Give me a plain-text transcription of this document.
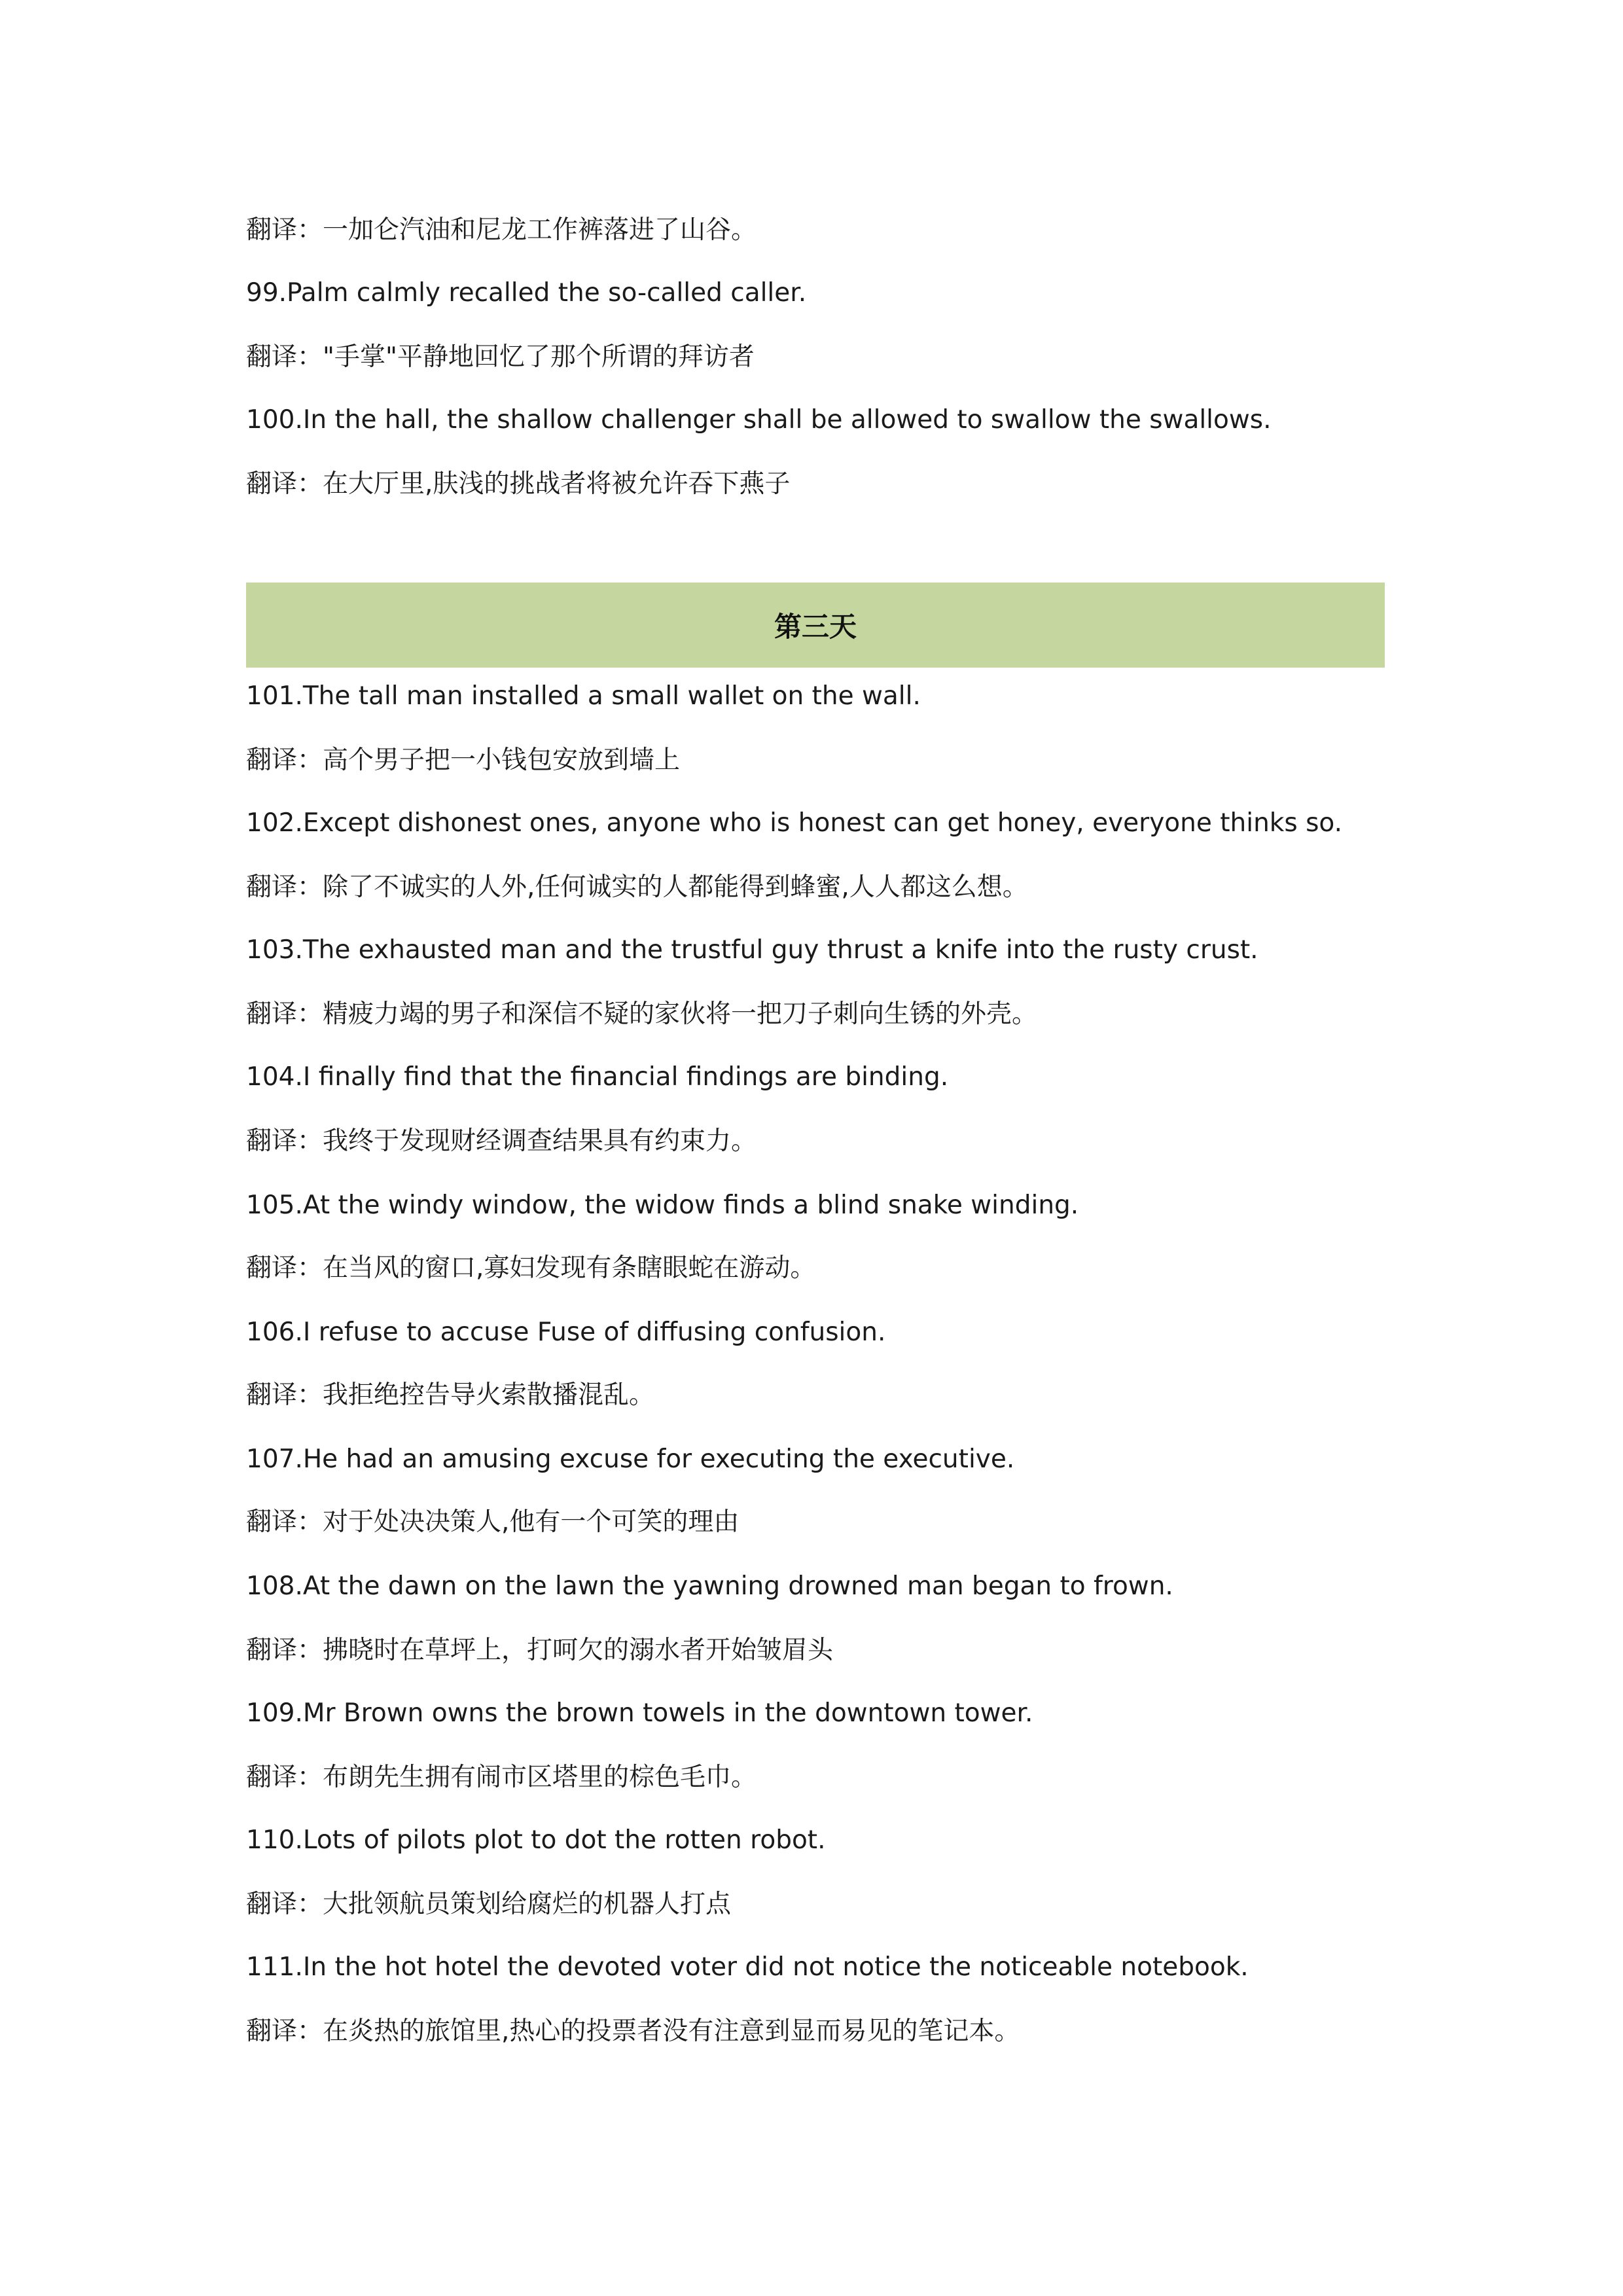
翻译：一加仑汽油和尼龙工作裤落进了山谷。
99.Palm calmly recalled the so-called caller.
翻译："手掌"平静地回忆了那个所谓的拜访者
100.In the hall, the shallow challenger shall be allowed to swallow the swallows.
翻译：在大厅里,肤浅的挑战者将被允许吞下燕子
第三天
101.The tall man installed a small wallet on the wall.
翻译：高个男子把一小钱包安放到墙上
102.Except dishonest ones, anyone who is honest can get honey, everyone thinks so.
翻译：除了不诚实的人外,任何诚实的人都能得到蜂蜜,人人都这么想。
103.The exhausted man and the trustful guy thrust a knife into the rusty crust.
翻译：精疲力竭的男子和深信不疑的家伙将一把刀子刺向生锈的外壳。
104.I finally find that the financial findings are binding.
翻译：我终于发现财经调查结果具有约束力。
105.At the windy window, the widow finds a blind snake winding.
翻译：在当风的窗口,寡妇发现有条瞎眼蛇在游动。
106.I refuse to accuse Fuse of diffusing confusion.
翻译：我拒绝控告导火索散播混乱。
107.He had an amusing excuse for executing the executive.
翻译：对于处决决策人,他有一个可笑的理由
108.At the dawn on the lawn the yawning drowned man began to frown.
翻译：拂晓时在草坪上，打呵欠的溺水者开始皱眉头
109.Mr Brown owns the brown towels in the downtown tower.
翻译：布朗先生拥有闹市区塔里的棕色毛巾。
110.Lots of pilots plot to dot the rotten robot.
翻译：大批领航员策划给腐烂的机器人打点
111.In the hot hotel the devoted voter did not notice the noticeable notebook.
翻译：在炎热的旅馆里,热心的投票者没有注意到显而易见的笔记本。
